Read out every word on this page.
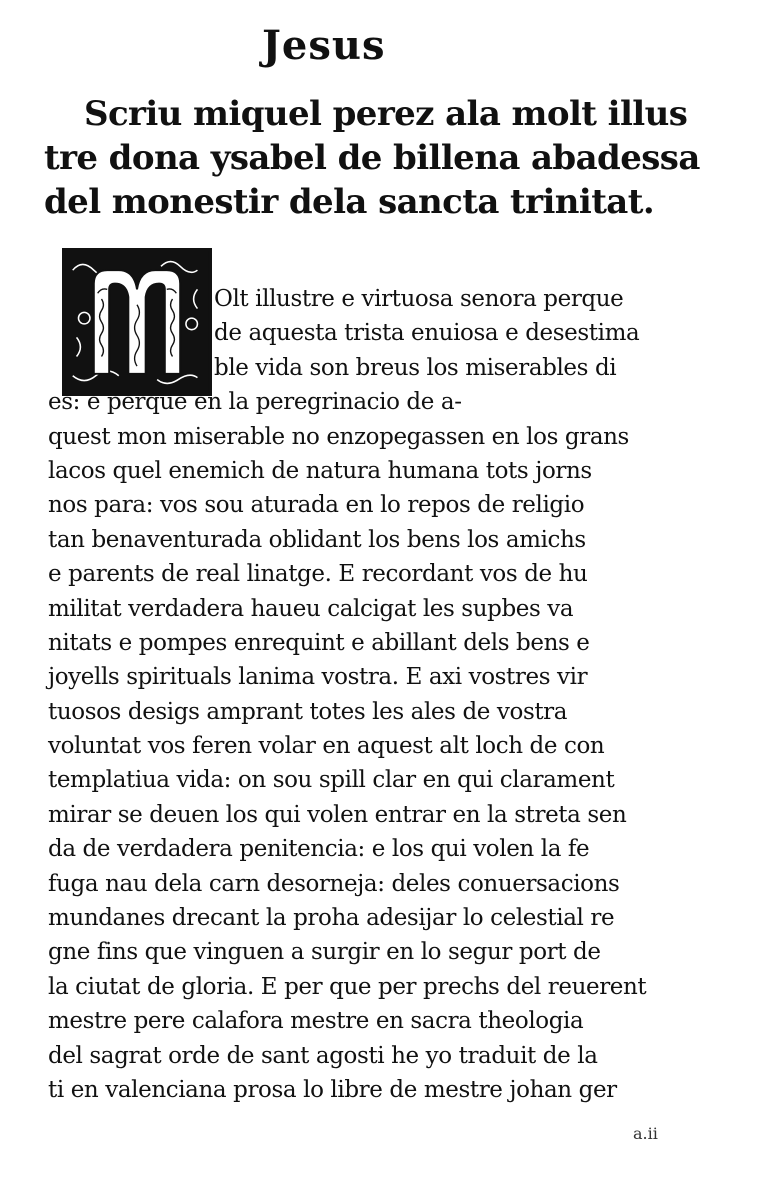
Jesus
Scriu miquel perez ala molt illus
tre dona ysabel de billena abadessa
del monestir dela sancta trinitat.
Olt illustre e virtuosa senora perque
de aquesta trista enuiosa e desestima
ble vida son breus los miserables di
es: e perque en la peregrinacio de a-
quest mon miserable no enzopegassen en los grans
lacos quel enemich de natura humana tots jorns
nos para: vos sou aturada en lo repos de religio
tan benaventurada oblidant los bens los amichs
e parents de real linatge. E recordant vos de hu
militat verdadera haueu calcigat les supbes va
nitats e pompes enrequint e abillant dels bens e
joyells spirituals lanima vostra. E axi vostres vir
tuosos desigs amprant totes les ales de vostra
voluntat vos feren volar en aquest alt loch de con
templatiua vida: on sou spill clar en qui clarament
mirar se deuen los qui volen entrar en la streta sen
da de verdadera penitencia: e los qui volen la fe
fuga nau dela carn desorneja: deles conuersacions
mundanes drecant la proha adesijar lo celestial re
gne fins que vinguen a surgir en lo segur port de
la ciutat de gloria. E per que per prechs del reuerent
mestre pere calafora mestre en sacra theologia
del sagrat orde de sant agosti he yo traduit de la
ti en valenciana prosa lo libre de mestre johan ger
a.ii
